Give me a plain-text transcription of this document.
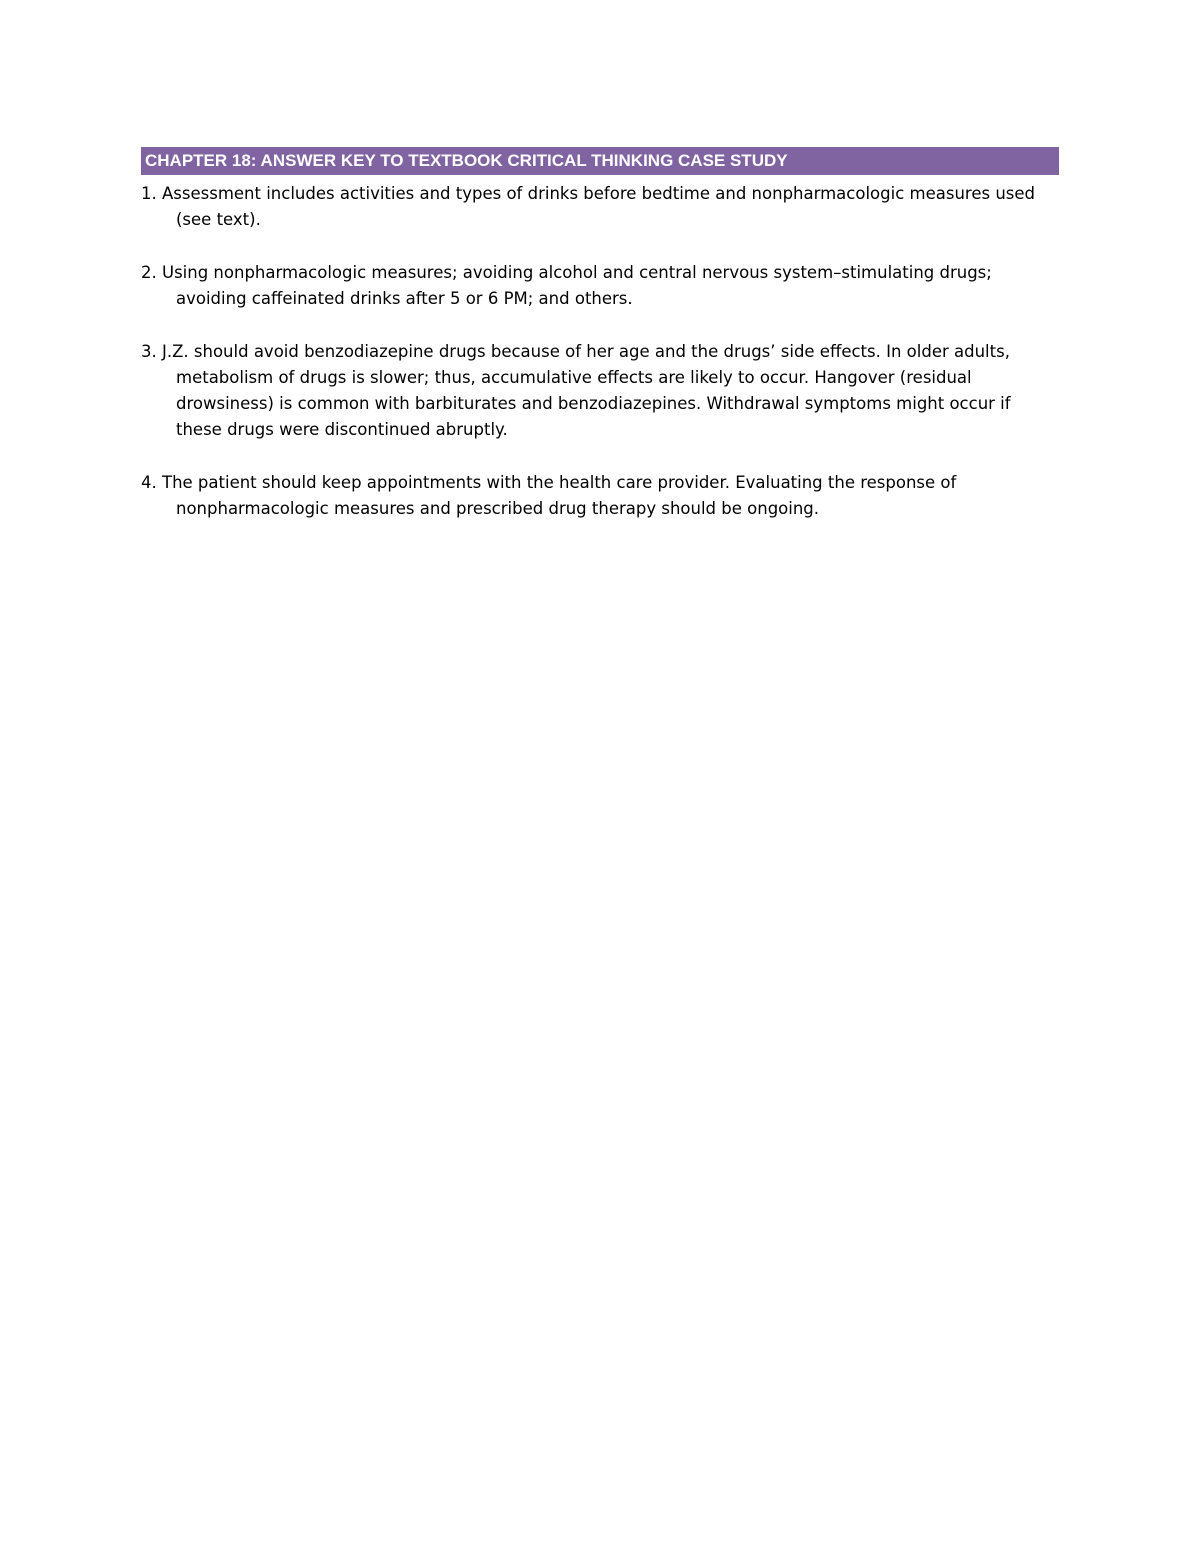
CHAPTER 18: ANSWER KEY TO TEXTBOOK CRITICAL THINKING CASE STUDY
1. Assessment includes activities and types of drinks before bedtime and nonpharmacologic measures used (see text).
2. Using nonpharmacologic measures; avoiding alcohol and central nervous system–stimulating drugs; avoiding caffeinated drinks after 5 or 6 PM; and others.
3. J.Z. should avoid benzodiazepine drugs because of her age and the drugs’ side effects. In older adults, metabolism of drugs is slower; thus, accumulative effects are likely to occur. Hangover (residual drowsiness) is common with barbiturates and benzodiazepines. Withdrawal symptoms might occur if these drugs were discontinued abruptly.
4. The patient should keep appointments with the health care provider. Evaluating the response of nonpharmacologic measures and prescribed drug therapy should be ongoing.
